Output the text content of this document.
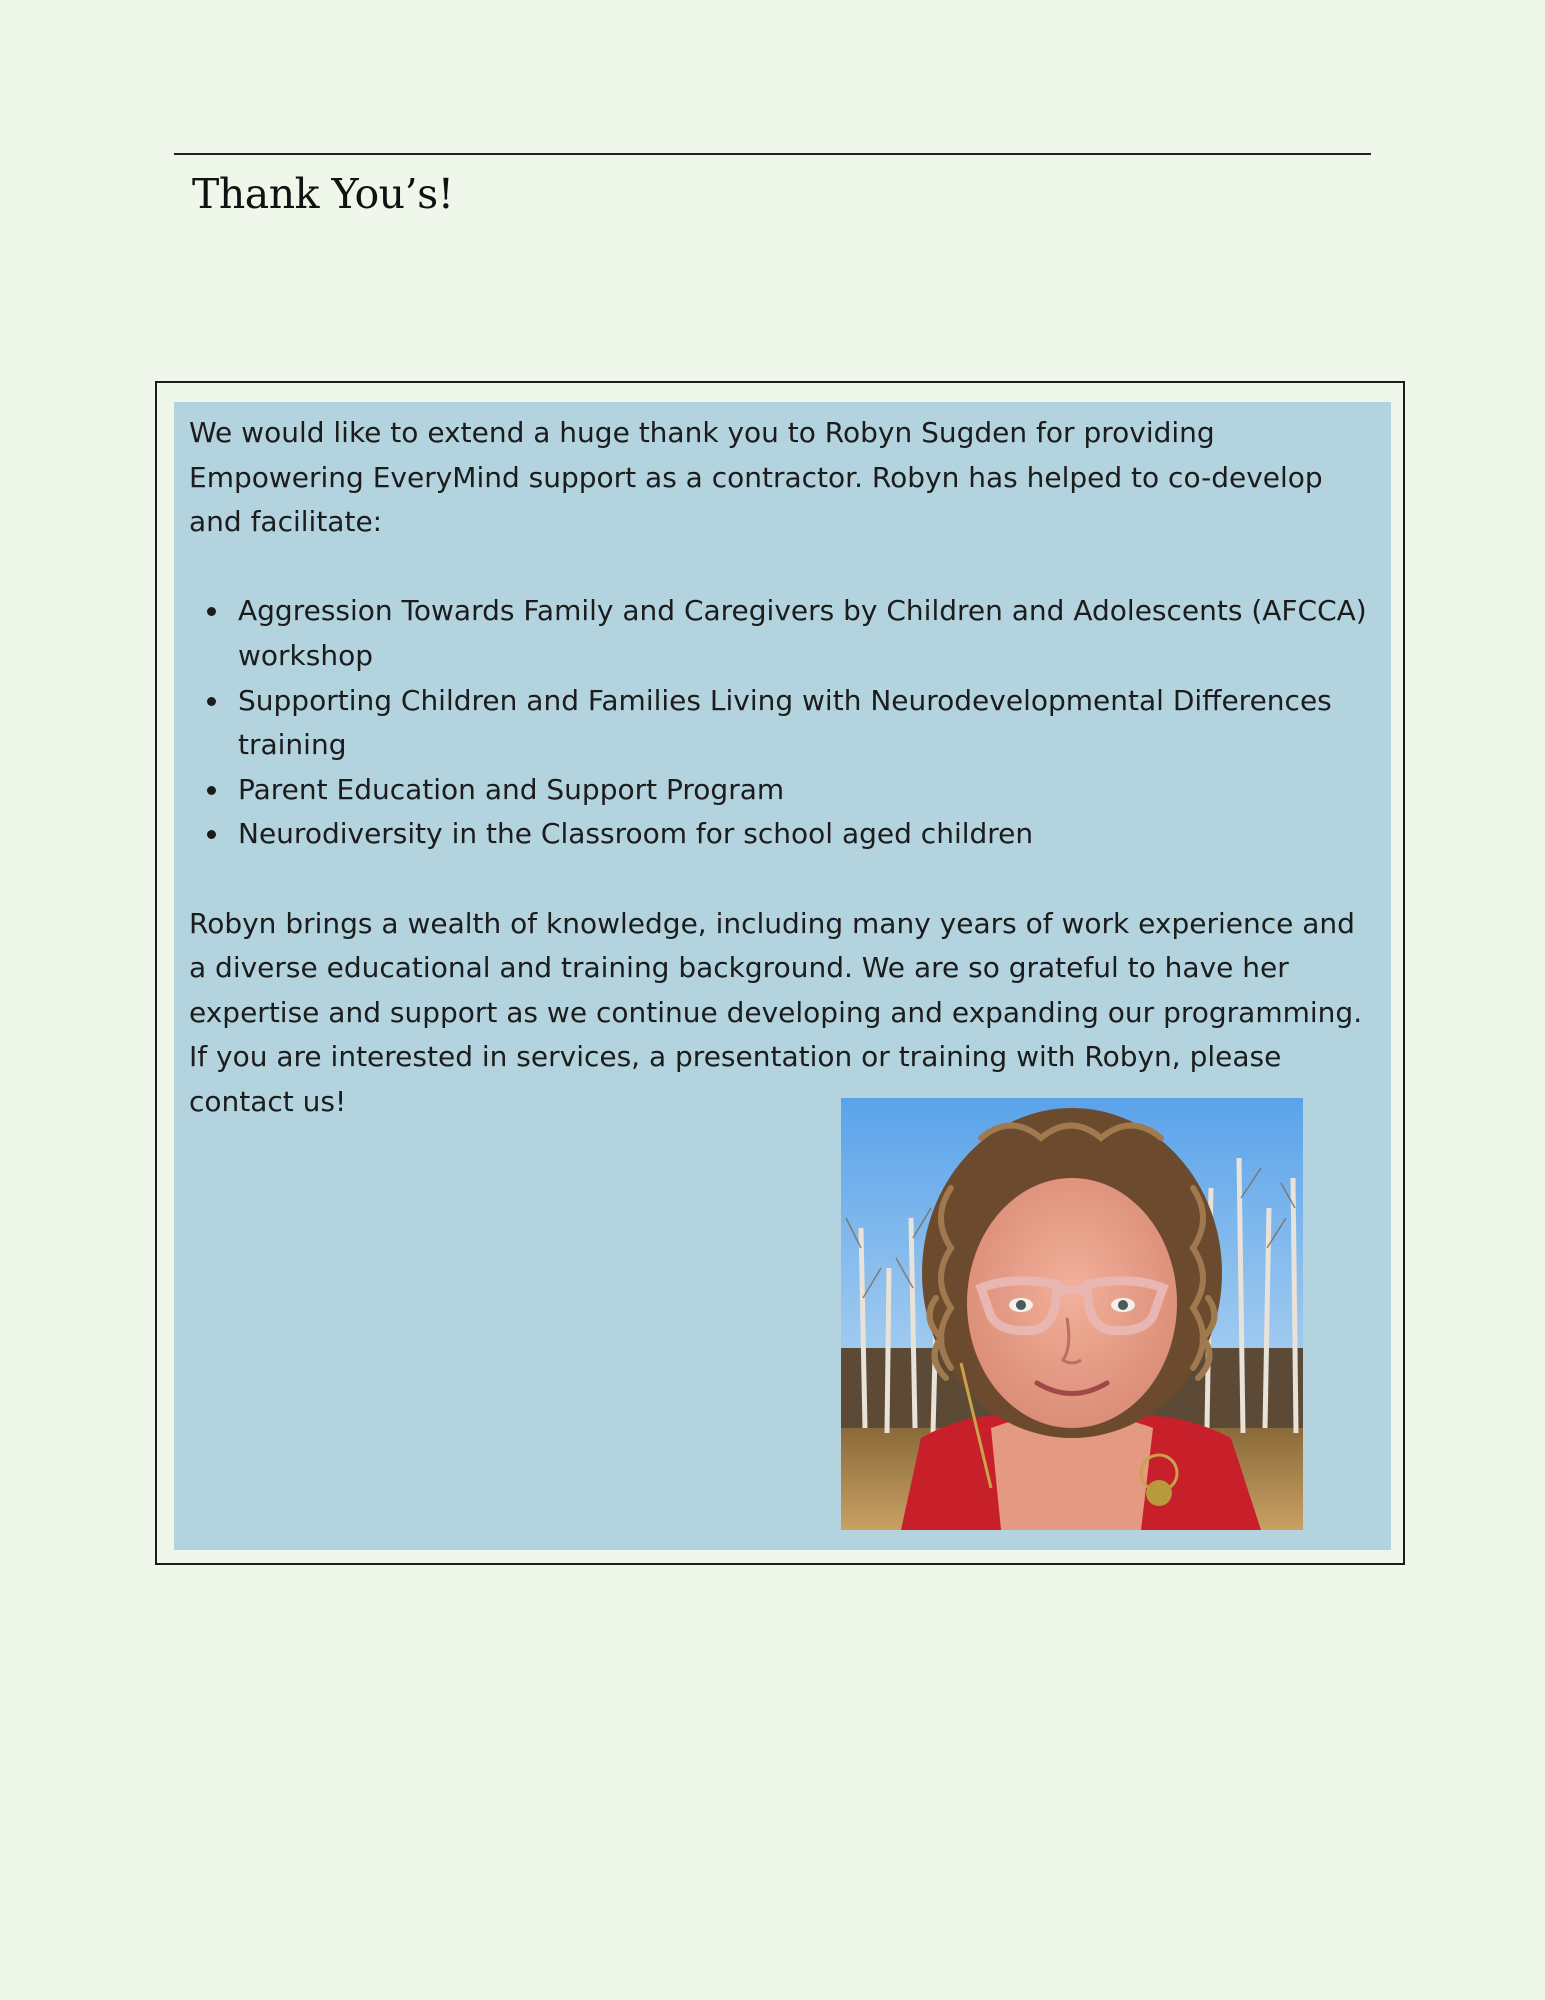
Thank You’s!

We would like to extend a huge thank you to Robyn Sugden for providing Empowering EveryMind support as a contractor. Robyn has helped to co-develop and facilitate:

Aggression Towards Family and Caregivers by Children and Adolescents (AFCCA) workshop
Supporting Children and Families Living with Neurodevelopmental Differences training
Parent Education and Support Program
Neurodiversity in the Classroom for school aged children

Robyn brings a wealth of knowledge, including many years of work experience and a diverse educational and training background. We are so grateful to have her expertise and support as we continue developing and expanding our programming. If you are interested in services, a presentation or training with Robyn, please contact us!
